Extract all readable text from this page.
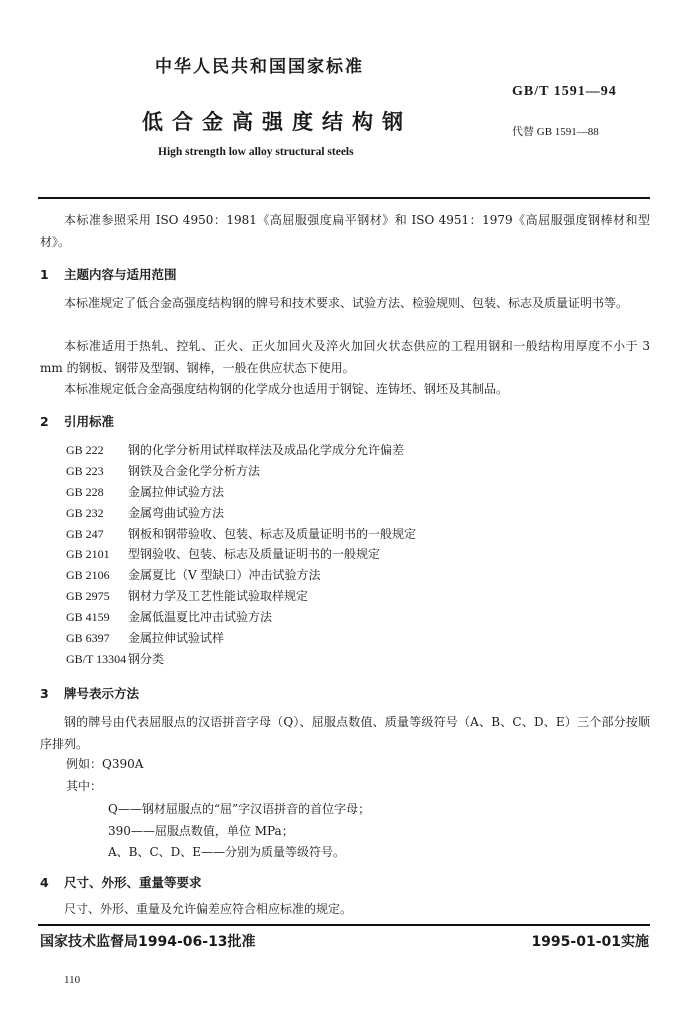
中华人民共和国国家标准
低合金高强度结构钢
High strength low alloy structural steels
GB/T 1591—94
代替 GB 1591—88
本标准参照采用 ISO 4950：1981《高屈服强度扁平钢材》和 ISO 4951：1979《高屈服强度钢棒材和型材》。
1 主题内容与适用范围
本标准规定了低合金高强度结构钢的牌号和技术要求、试验方法、检验规则、包装、标志及质量证明书等。
本标准适用于热轧、控轧、正火、正火加回火及淬火加回火状态供应的工程用钢和一般结构用厚度不小于 3 mm 的钢板、钢带及型钢、钢棒，一般在供应状态下使用。
本标准规定低合金高强度结构钢的化学成分也适用于钢锭、连铸坯、钢坯及其制品。
2 引用标准
GB 222 钢的化学分析用试样取样法及成品化学成分允许偏差
GB 223 钢铁及合金化学分析方法
GB 228 金属拉伸试验方法
GB 232 金属弯曲试验方法
GB 247 钢板和钢带验收、包装、标志及质量证明书的一般规定
GB 2101 型钢验收、包装、标志及质量证明书的一般规定
GB 2106 金属夏比（V 型缺口）冲击试验方法
GB 2975 钢材力学及工艺性能试验取样规定
GB 4159 金属低温夏比冲击试验方法
GB 6397 金属拉伸试验试样
GB/T 13304 钢分类
3 牌号表示方法
钢的牌号由代表屈服点的汉语拼音字母（Q）、屈服点数值、质量等级符号（A、B、C、D、E）三个部分按顺序排列。
例如：Q390A
其中：
Q——钢材屈服点的“屈”字汉语拼音的首位字母；
390——屈服点数值，单位 MPa；
A、B、C、D、E——分别为质量等级符号。
4 尺寸、外形、重量等要求
尺寸、外形、重量及允许偏差应符合相应标准的规定。
国家技术监督局1994-06-13批准	1995-01-01实施
110
